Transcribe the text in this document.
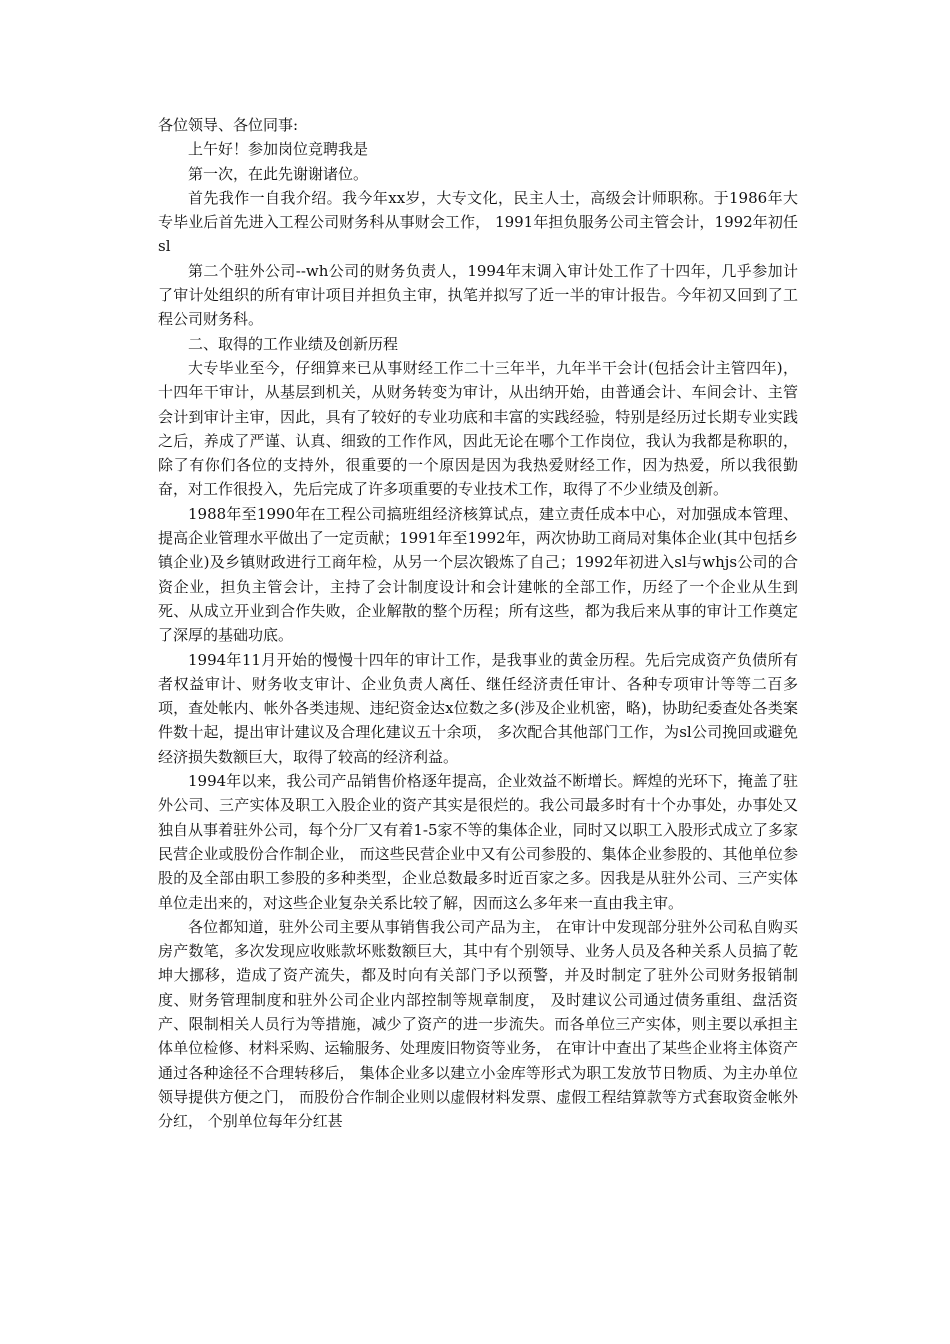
各位领导、各位同事:

上午好！参加岗位竞聘我是

第一次，在此先谢谢诸位。

首先我作一自我介绍。我今年xx岁，大专文化，民主人士，高级会计师职称。于1986年大专毕业后首先进入工程公司财务科从事财会工作， 1991年担负服务公司主管会计，1992年初任sl

第二个驻外公司--wh公司的财务负责人，1994年末调入审计处工作了十四年，几乎参加计了审计处组织的所有审计项目并担负主审，执笔并拟写了近一半的审计报告。今年初又回到了工程公司财务科。

二、取得的工作业绩及创新历程

大专毕业至今，仔细算来已从事财经工作二十三年半，九年半干会计(包括会计主管四年)，十四年干审计，从基层到机关，从财务转变为审计，从出纳开始，由普通会计、车间会计、主管会计到审计主审，因此，具有了较好的专业功底和丰富的实践经验，特别是经历过长期专业实践之后，养成了严谨、认真、细致的工作作风，因此无论在哪个工作岗位，我认为我都是称职的，除了有你们各位的支持外，很重要的一个原因是因为我热爱财经工作，因为热爱，所以我很勤奋，对工作很投入，先后完成了许多项重要的专业技术工作，取得了不少业绩及创新。

1988年至1990年在工程公司搞班组经济核算试点，建立责任成本中心，对加强成本管理、提高企业管理水平做出了一定贡献；1991年至1992年，两次协助工商局对集体企业(其中包括乡镇企业)及乡镇财政进行工商年检，从另一个层次锻炼了自己；1992年初进入sl与whjs公司的合资企业，担负主管会计，主持了会计制度设计和会计建帐的全部工作，历经了一个企业从生到死、从成立开业到合作失败，企业解散的整个历程；所有这些，都为我后来从事的审计工作奠定了深厚的基础功底。

1994年11月开始的慢慢十四年的审计工作，是我事业的黄金历程。先后完成资产负债所有者权益审计、财务收支审计、企业负责人离任、继任经济责任审计、各种专项审计等等二百多项，查处帐内、帐外各类违规、违纪资金达x位数之多(涉及企业机密，略)，协助纪委查处各类案件数十起，提出审计建议及合理化建议五十余项， 多次配合其他部门工作，为sl公司挽回或避免经济损失数额巨大，取得了较高的经济利益。

1994年以来，我公司产品销售价格逐年提高，企业效益不断增长。辉煌的光环下，掩盖了驻外公司、三产实体及职工入股企业的资产其实是很烂的。我公司最多时有十个办事处，办事处又独自从事着驻外公司，每个分厂又有着1-5家不等的集体企业，同时又以职工入股形式成立了多家民营企业或股份合作制企业， 而这些民营企业中又有公司参股的、集体企业参股的、其他单位参股的及全部由职工参股的多种类型，企业总数最多时近百家之多。因我是从驻外公司、三产实体单位走出来的，对这些企业复杂关系比较了解，因而这么多年来一直由我主审。

各位都知道，驻外公司主要从事销售我公司产品为主， 在审计中发现部分驻外公司私自购买房产数笔，多次发现应收账款坏账数额巨大，其中有个别领导、业务人员及各种关系人员搞了乾坤大挪移，造成了资产流失，都及时向有关部门予以预警，并及时制定了驻外公司财务报销制度、财务管理制度和驻外公司企业内部控制等规章制度， 及时建议公司通过债务重组、盘活资产、限制相关人员行为等措施，减少了资产的进一步流失。而各单位三产实体，则主要以承担主体单位检修、材料采购、运输服务、处理废旧物资等业务， 在审计中查出了某些企业将主体资产通过各种途径不合理转移后， 集体企业多以建立小金库等形式为职工发放节日物质、为主办单位领导提供方便之门， 而股份合作制企业则以虚假材料发票、虚假工程结算款等方式套取资金帐外分红， 个别单位每年分红甚
